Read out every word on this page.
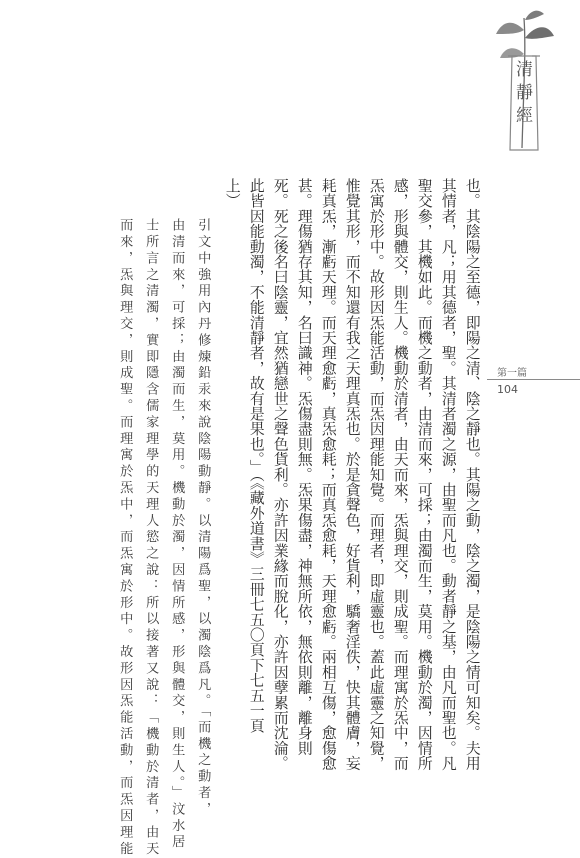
清靜經
第一篇
104
也。其陰陽之至德，即陽之清、陰之靜也。其陽之動，陰之濁，是陰陽之情可知矣。夫用
其情者，凡；用其德者，聖。其清者濁之源，由聖而凡也。動者靜之基，由凡而聖也。凡
聖交參，其機如此。而機之動者，由清而來，可採；由濁而生，莫用。機動於濁，因情所
感，形與體交，則生人。機動於清者，由天而來，炁與理交，則成聖。而理寓於炁中，而
炁寓於形中。故形因炁能活動，而炁因理能知覺。而理者，即虛靈也。蓋此虛靈之知覺，
惟覺其形，而不知還有我之天理真炁也。於是貪聲色，好貨利，驕奢淫佚，快其體膚，妄
耗真炁，漸虧天理。而天理愈虧，真炁愈耗；而真炁愈耗，天理愈虧。兩相互傷，愈傷愈
甚。理傷猶存其知，名曰識神。炁傷盡則無。炁果傷盡，神無所依，無依則離，離身則
死。死之後名曰陰靈，宜然猶戀世之聲色貨利。亦許因業緣而脫化，亦許因孽累而沈淪。
此皆因能動濁，不能清靜者，故有是果也。」（《藏外道書》三冊七五〇頁下七五一頁
上）
引文中強用內丹修煉鉛汞來說陰陽動靜。以清陽爲聖，以濁陰爲凡。「而機之動者，
由清而來，可採；由濁而生，莫用。機動於濁，因情所感，形與體交，則生人。」汶水居
士所言之清濁，實即隱含儒家理學的天理人慾之說：所以接著又說：「機動於清者，由天
而來，炁與理交，則成聖。而理寓於炁中，而炁寓於形中。故形因炁能活動，而炁因理能
